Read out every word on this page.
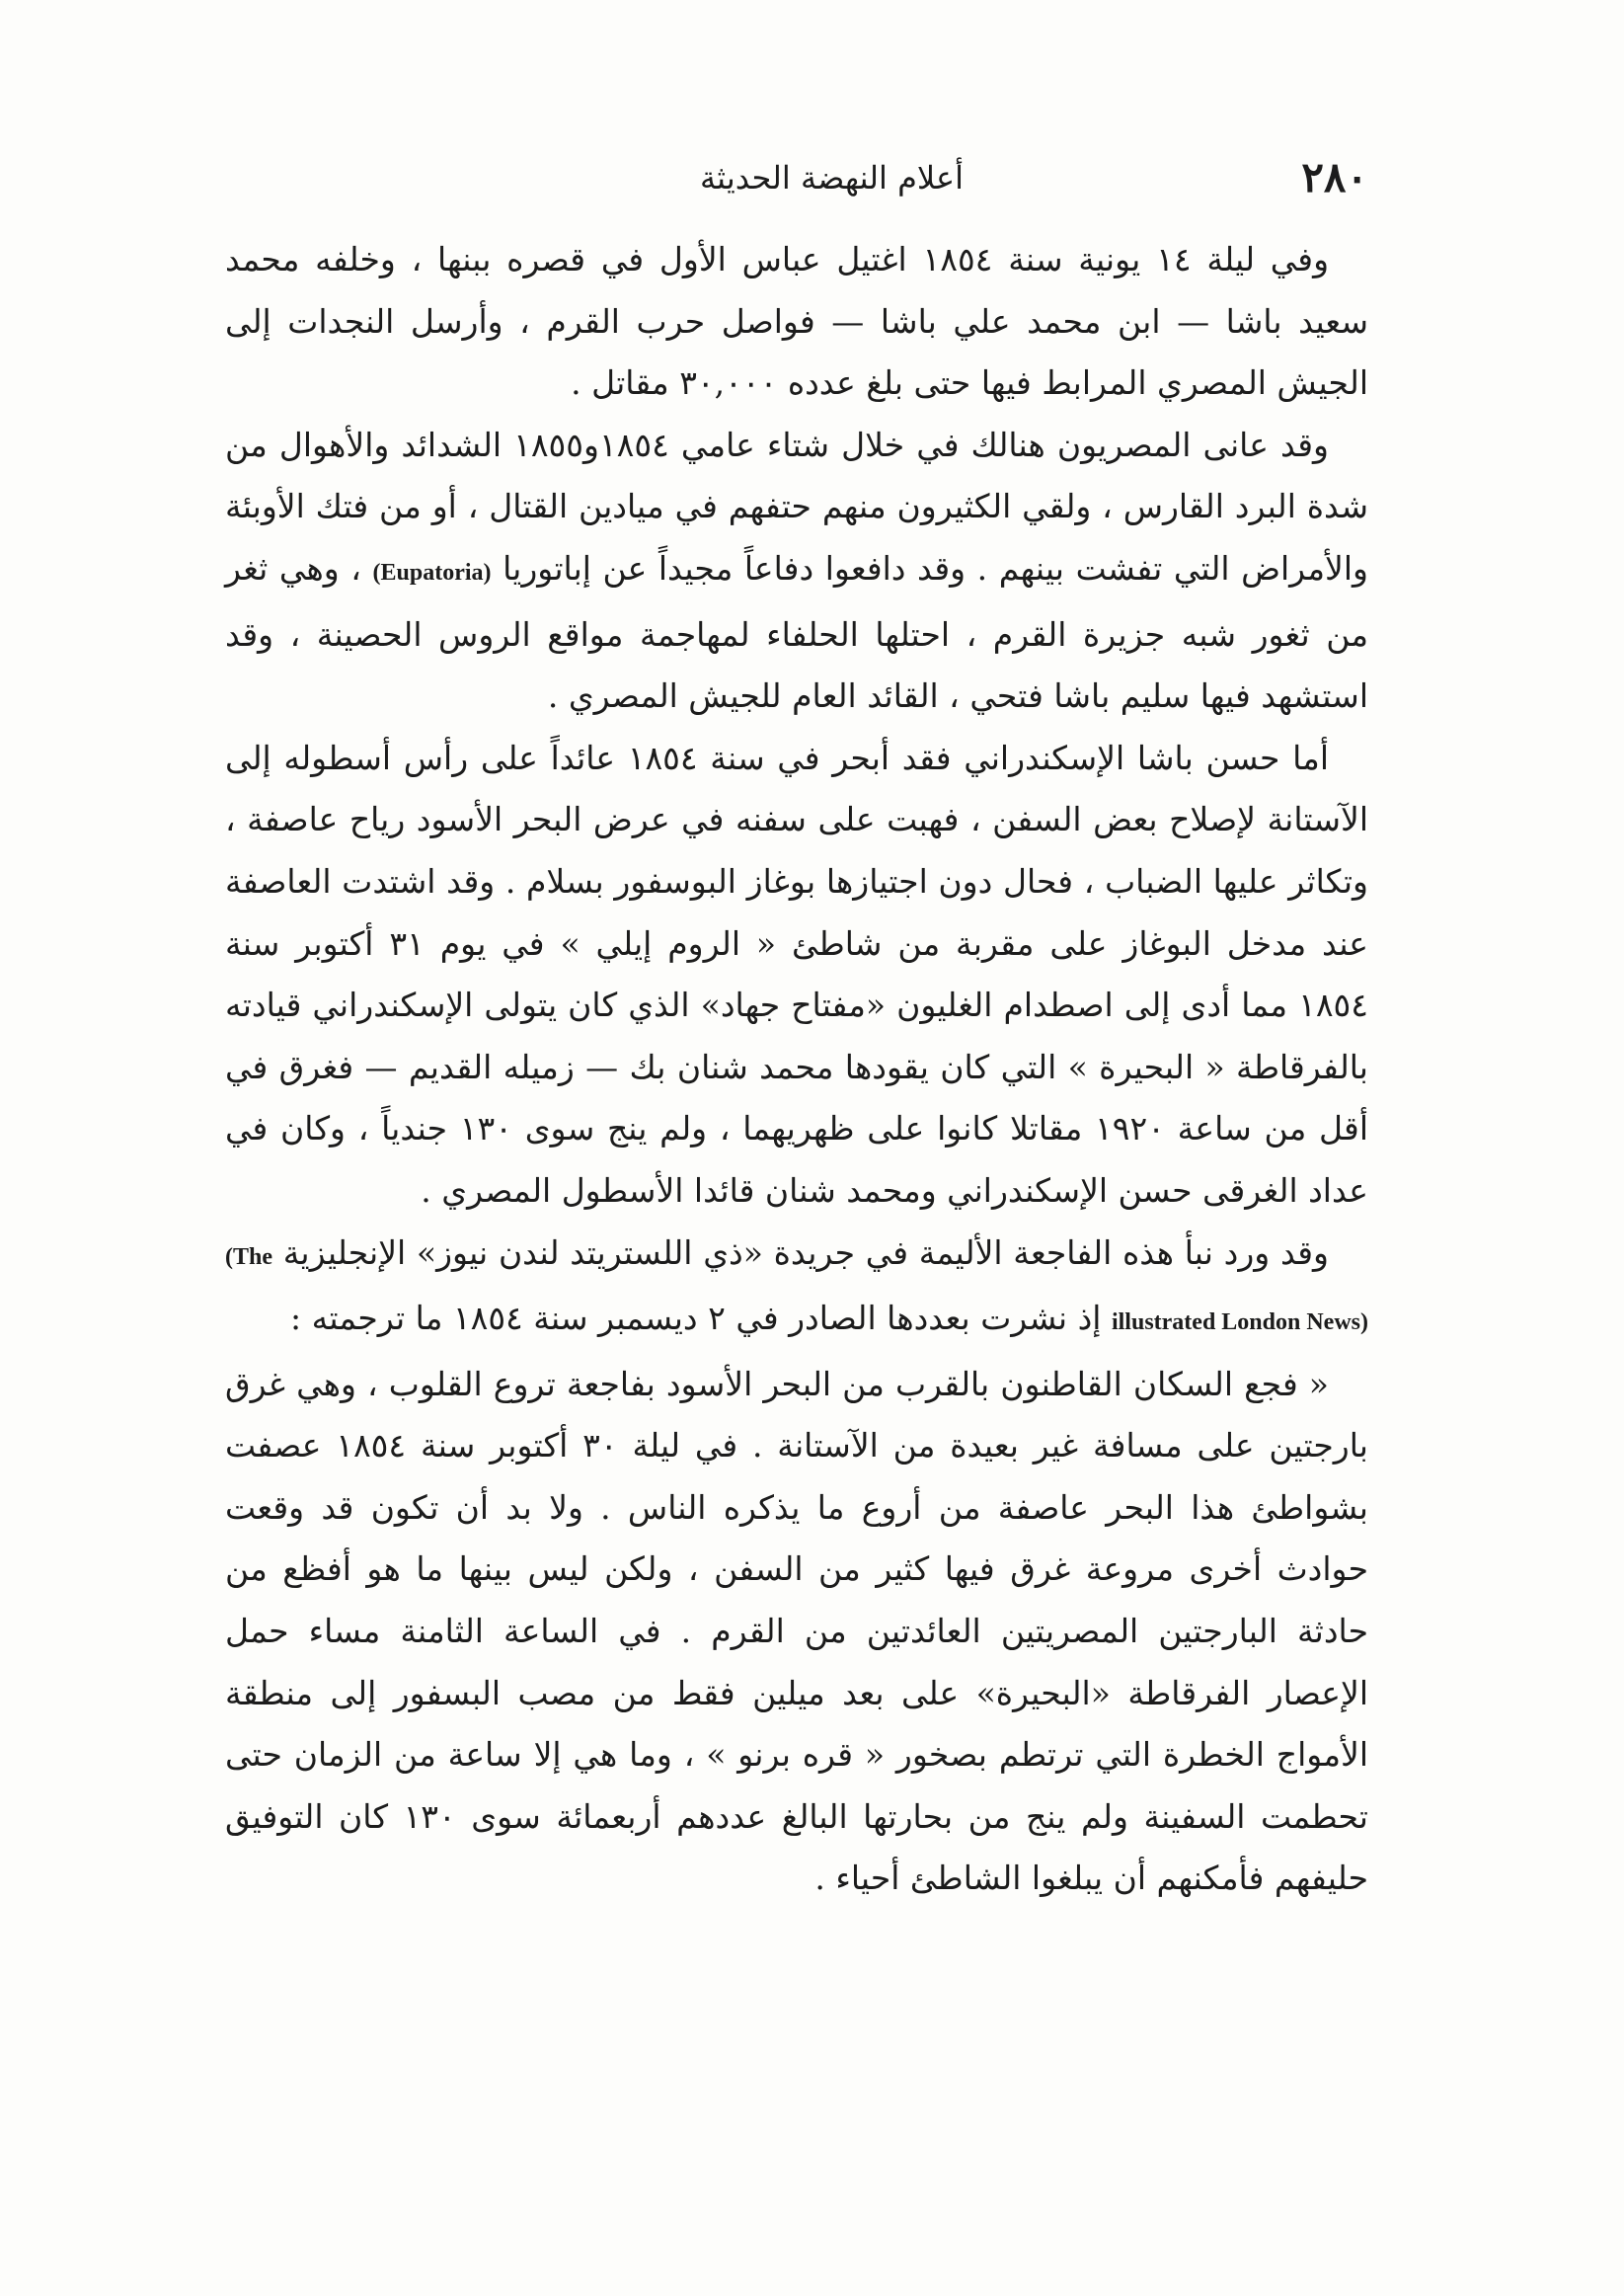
٢٨٠
أعلام النهضة الحديثة

وفي ليلة ١٤ يونية سنة ١٨٥٤ اغتيل عباس الأول في قصره ببنها ، وخلفه محمد سعيد باشا — ابن محمد علي باشا — فواصل حرب القرم ، وأرسل النجدات إلى الجيش المصري المرابط فيها حتى بلغ عدده ٣٠,٠٠٠ مقاتل .

وقد عانى المصريون هنالك في خلال شتاء عامي ١٨٥٤و١٨٥٥ الشدائد والأهوال من شدة البرد القارس ، ولقي الكثيرون منهم حتفهم في ميادين القتال ، أو من فتك الأوبئة والأمراض التي تفشت بينهم . وقد دافعوا دفاعاً مجيداً عن إباتوريا (Eupatoria) ، وهي ثغر من ثغور شبه جزيرة القرم ، احتلها الحلفاء لمهاجمة مواقع الروس الحصينة ، وقد استشهد فيها سليم باشا فتحي ، القائد العام للجيش المصري .

أما حسن باشا الإسكندراني فقد أبحر في سنة ١٨٥٤ عائداً على رأس أسطوله إلى الآستانة لإصلاح بعض السفن ، فهبت على سفنه في عرض البحر الأسود رياح عاصفة ، وتكاثر عليها الضباب ، فحال دون اجتيازها بوغاز البوسفور بسلام . وقد اشتدت العاصفة عند مدخل البوغاز على مقربة من شاطئ « الروم إيلي » في يوم ٣١ أكتوبر سنة ١٨٥٤ مما أدى إلى اصطدام الغليون «مفتاح جهاد» الذي كان يتولى الإسكندراني قيادته بالفرقاطة « البحيرة » التي كان يقودها محمد شنان بك — زميله القديم — فغرق في أقل من ساعة ١٩٢٠ مقاتلا كانوا على ظهريهما ، ولم ينج سوى ١٣٠ جندياً ، وكان في عداد الغرقى حسن الإسكندراني ومحمد شنان قائدا الأسطول المصري .

وقد ورد نبأ هذه الفاجعة الأليمة في جريدة «ذي اللستريتد لندن نيوز» الإنجليزية (The illustrated London News) إذ نشرت بعددها الصادر في ٢ ديسمبر سنة ١٨٥٤ ما ترجمته :

« فجع السكان القاطنون بالقرب من البحر الأسود بفاجعة تروع القلوب ، وهي غرق بارجتين على مسافة غير بعيدة من الآستانة . في ليلة ٣٠ أكتوبر سنة ١٨٥٤ عصفت بشواطئ هذا البحر عاصفة من أروع ما يذكره الناس . ولا بد أن تكون قد وقعت حوادث أخرى مروعة غرق فيها كثير من السفن ، ولكن ليس بينها ما هو أفظع من حادثة البارجتين المصريتين العائدتين من القرم . في الساعة الثامنة مساء حمل الإعصار الفرقاطة «البحيرة» على بعد ميلين فقط من مصب البسفور إلى منطقة الأمواج الخطرة التي ترتطم بصخور « قره برنو » ، وما هي إلا ساعة من الزمان حتى تحطمت السفينة ولم ينج من بحارتها البالغ عددهم أربعمائة سوى ١٣٠ كان التوفيق حليفهم فأمكنهم أن يبلغوا الشاطئ أحياء .
